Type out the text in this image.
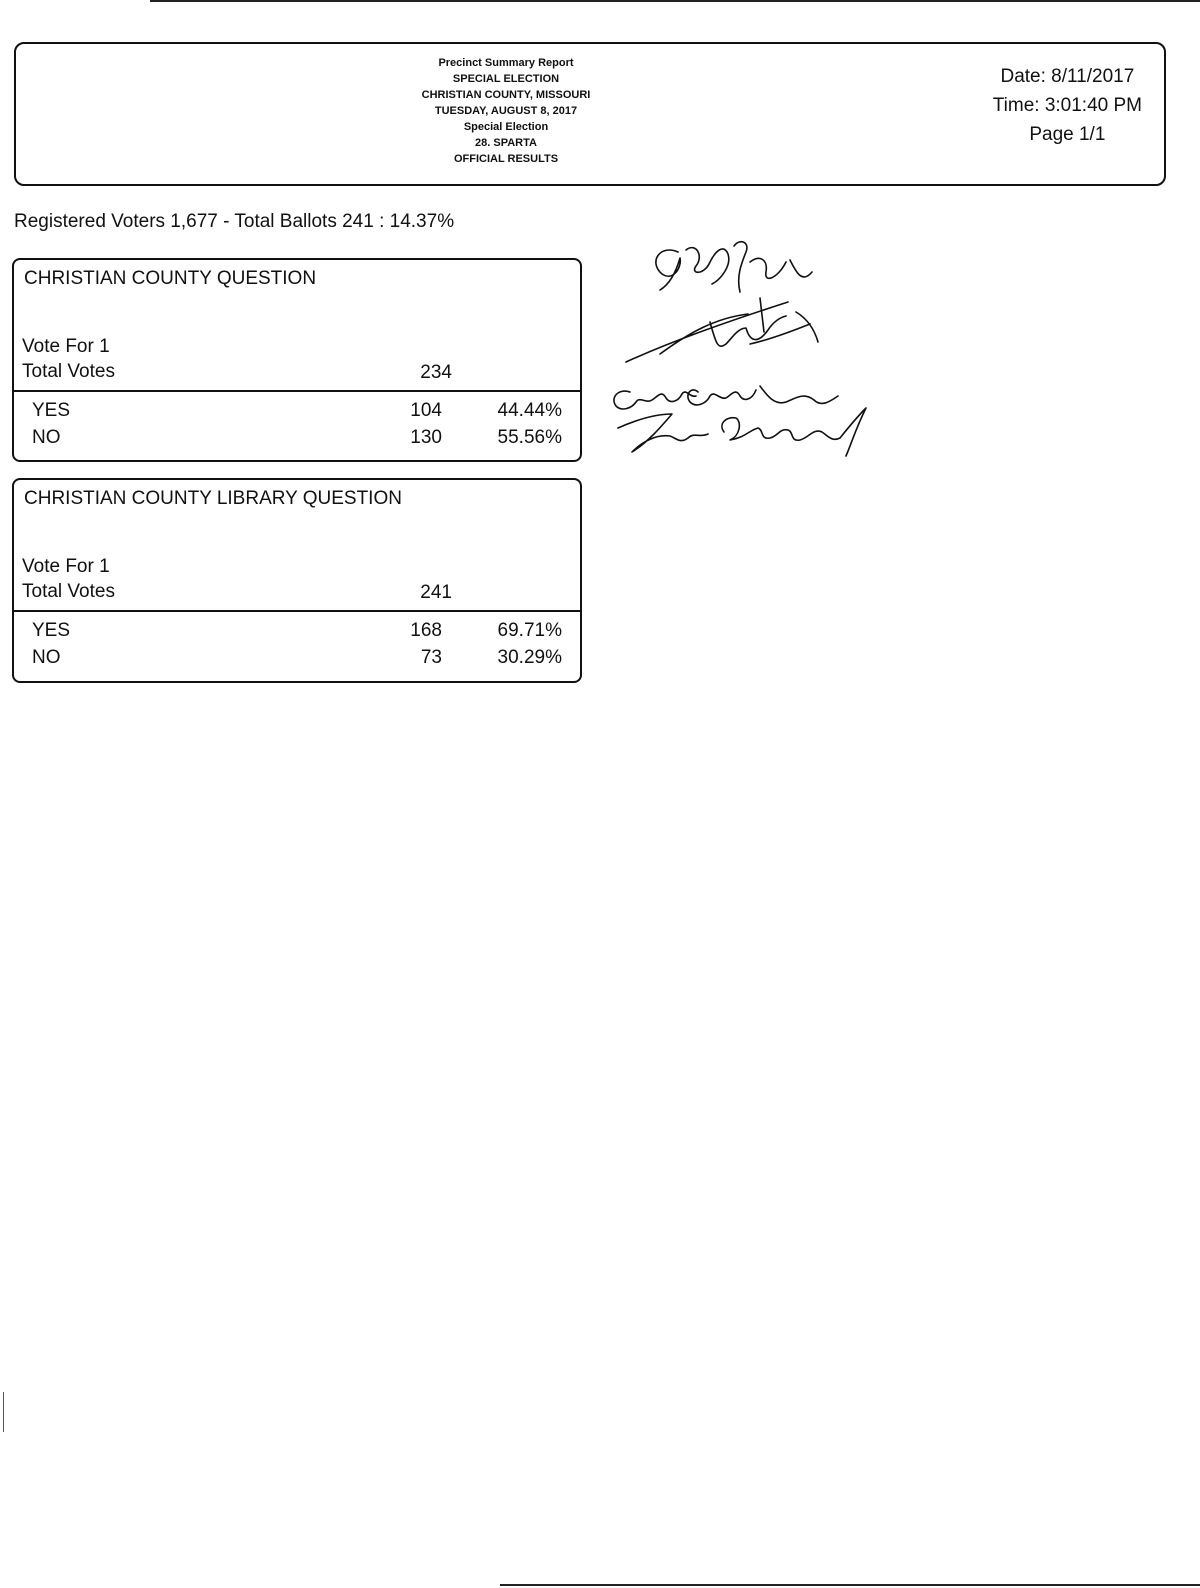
Precinct Summary Report
SPECIAL ELECTION
CHRISTIAN COUNTY, MISSOURI
TUESDAY, AUGUST 8, 2017
Special Election
28. SPARTA
OFFICIAL RESULTS
Date: 8/11/2017
Time: 3:01:40 PM
Page 1/1
Registered Voters 1,677 - Total Ballots 241 : 14.37%
CHRISTIAN COUNTY QUESTION
Vote For 1
Total Votes	234
YES	104	44.44%
NO	130	55.56%
CHRISTIAN COUNTY LIBRARY QUESTION
Vote For 1
Total Votes	241
YES	168	69.71%
NO	73	30.29%
